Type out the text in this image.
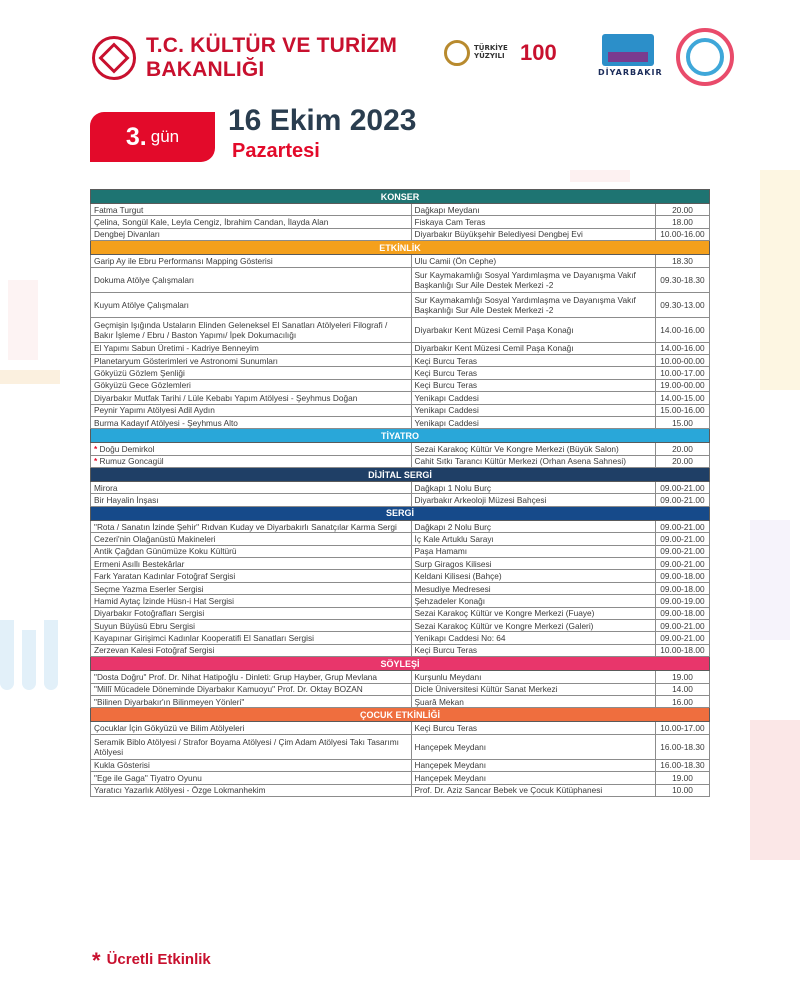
T.C. KÜLTÜR VE TURİZM
BAKANLIĞI
TÜRKİYE YÜZYILI 100
DİYARBAKIR
3. gün 16 Ekim 2023
Pazartesi
KONSER		
Fatma Turgut	Dağkapı Meydanı	20.00
Çelina, Songül Kale, Leyla Cengiz, İbrahim Candan, İlayda Alan	Fiskaya Cam Teras	18.00
Dengbej Divanları	Diyarbakır Büyükşehir Belediyesi Dengbej Evi	10.00-16.00
ETKİNLİK		
Garip Ay ile Ebru Performansı Mapping Gösterisi	Ulu Camii (Ön Cephe)	18.30
Dokuma Atölye Çalışmaları	Sur Kaymakamlığı Sosyal Yardımlaşma ve Dayanışma Vakıf Başkanlığı Sur Aile Destek Merkezi -2	09.30-18.30
Kuyum Atölye Çalışmaları	Sur Kaymakamlığı Sosyal Yardımlaşma ve Dayanışma Vakıf Başkanlığı Sur Aile Destek Merkezi -2	09.30-13.00
Geçmişin Işığında Ustaların Elinden Geleneksel El Sanatları Atölyeleri Filografi / Bakır İşleme / Ebru / Baston Yapımı/ İpek Dokumacılığı	Diyarbakır Kent Müzesi Cemil Paşa Konağı	14.00-16.00
El Yapımı Sabun Üretimi - Kadriye Benneyim	Diyarbakır Kent Müzesi Cemil Paşa Konağı	14.00-16.00
Planetaryum Gösterimleri ve Astronomi Sunumları	Keçi Burcu Teras	10.00-00.00
Gökyüzü Gözlem Şenliği	Keçi Burcu Teras	10.00-17.00
Gökyüzü Gece Gözlemleri	Keçi Burcu Teras	19.00-00.00
Diyarbakır Mutfak Tarihi / Lüle Kebabı Yapım Atölyesi - Şeyhmus Doğan	Yenikapı Caddesi	14.00-15.00
Peynir Yapımı Atölyesi Adil Aydın	Yenikapı Caddesi	15.00-16.00
Burma Kadayıf Atölyesi - Şeyhmus Alto	Yenikapı Caddesi	15.00
TİYATRO		
* Doğu Demirkol	Sezai Karakoç Kültür Ve Kongre Merkezi (Büyük Salon)	20.00
* Rumuz Goncagül	Cahit Sıtkı Tarancı Kültür Merkezi (Orhan Asena Sahnesi)	20.00
DİJİTAL SERGİ		
Mirora	Dağkapı 1 Nolu Burç	09.00-21.00
Bir Hayalin İnşası	Diyarbakır Arkeoloji Müzesi Bahçesi	09.00-21.00
SERGİ		
"Rota / Sanatın İzinde Şehir" Rıdvan Kuday ve Diyarbakırlı Sanatçılar Karma Sergi	Dağkapı 2 Nolu Burç	09.00-21.00
Cezeri'nin Olağanüstü Makineleri	İç Kale Artuklu Sarayı	09.00-21.00
Antik Çağdan Günümüze Koku Kültürü	Paşa Hamamı	09.00-21.00
Ermeni Asıllı Bestekârlar	Surp Giragos Kilisesi	09.00-21.00
Fark Yaratan Kadınlar Fotoğraf Sergisi	Keldani Kilisesi (Bahçe)	09.00-18.00
Seçme Yazma Eserler Sergisi	Mesudiye Medresesi	09.00-18.00
Hamid Aytaç İzinde Hüsn-i Hat Sergisi	Şehzadeler Konağı	09.00-19.00
Diyarbakır Fotoğrafları Sergisi	Sezai Karakoç Kültür ve Kongre Merkezi (Fuaye)	09.00-18.00
Suyun Büyüsü Ebru Sergisi	Sezai Karakoç Kültür ve Kongre Merkezi (Galeri)	09.00-21.00
Kayapınar Girişimci Kadınlar Kooperatifi El Sanatları Sergisi	Yenikapı Caddesi No: 64	09.00-21.00
Zerzevan Kalesi Fotoğraf Sergisi	Keçi Burcu Teras	10.00-18.00
SÖYLEŞİ		
"Dosta Doğru" Prof. Dr. Nihat Hatipoğlu - Dinleti: Grup Hayber, Grup Mevlana	Kurşunlu Meydanı	19.00
"Millî Mücadele Döneminde Diyarbakır Kamuoyu" Prof. Dr. Oktay BOZAN	Dicle Üniversitesi Kültür Sanat Merkezi	14.00
"Bilinen Diyarbakır'ın Bilinmeyen Yönleri"	Şuarâ Mekan	16.00
ÇOCUK ETKİNLİĞİ		
Çocuklar İçin Gökyüzü ve Bilim Atölyeleri	Keçi Burcu Teras	10.00-17.00
Seramik Biblo Atölyesi / Strafor Boyama Atölyesi / Çim Adam Atölyesi Takı Tasarımı Atölyesi	Hançepek Meydanı	16.00-18.30
Kukla Gösterisi	Hançepek Meydanı	16.00-18.30
"Ege ile Gaga" Tiyatro Oyunu	Hançepek Meydanı	19.00
Yaratıcı Yazarlık Atölyesi - Özge Lokmanhekim	Prof. Dr. Aziz Sancar Bebek ve Çocuk Kütüphanesi	10.00
* Ücretli Etkinlik
